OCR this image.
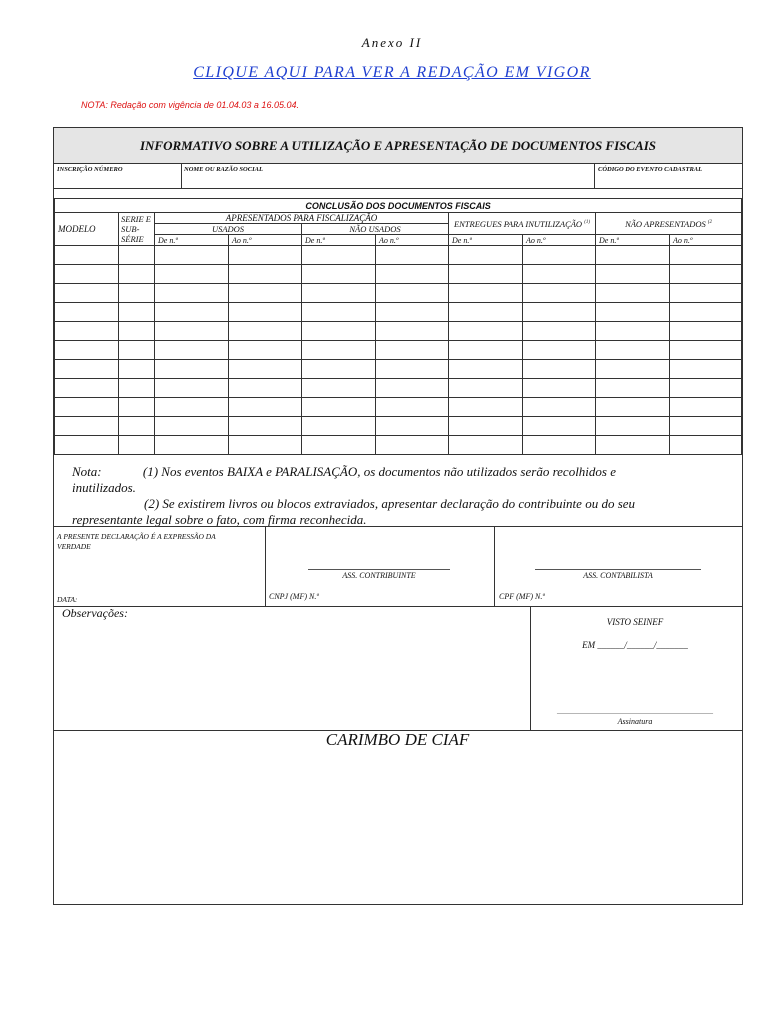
Anexo II
CLIQUE AQUI PARA VER A REDAÇÃO EM VIGOR
NOTA: Redação com vigência de 01.04.03 a 16.05.04.
INFORMATIVO SOBRE A UTILIZAÇÃO E APRESENTAÇÃO DE DOCUMENTOS FISCAIS
INSCRIÇÃO NÚMERO	NOME OU RAZÃO SOCIAL	CÓDIGO DO EVENTO CADASTRAL
CONCLUSÃO DOS DOCUMENTOS FISCAIS									
MODELO	SERIE E SUB-SÉRIE	APRESENTADOS PARA FISCALIZAÇÃO				ENTREGUES PARA INUTILIZAÇÃO $^{(1)}$		NÃO APRESENTADOS $^{(2}$
		USADOS		NÃO USADOS					
		De n.º	Ao n.º	De n.º	Ao n.º	De n.º	Ao n.º	De n.º	Ao n.º

Nota:	(1) Nos eventos BAIXA e PARALISAÇÃO, os documentos não utilizados serão recolhidos e inutilizados.
(2) Se existirem livros ou blocos extraviados, apresentar declaração do contribuinte ou do seu representante legal sobre o fato, com firma reconhecida.
A PRESENTE DECLARAÇÃO É A EXPRESSÃO DA VERDADE
DATA:
ASS. CONTRIBUINTE
CNPJ (MF) N.º
ASS. CONTABILISTA
CPF (MF) N.º
Observações:
VISTO SEINEF
EM ______/______/_______
_______________________________________
Assinatura
CARIMBO DE CIAF
